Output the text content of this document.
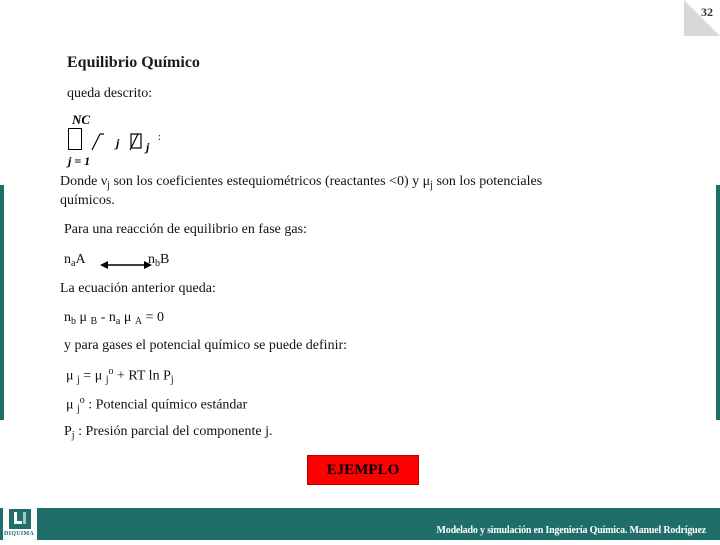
32
Equilibrio Químico
queda descrito:
NC
j j
:
j = 1
Donde $\nu_j$ son los coeficientes estequiométricos (reactantes <0) y $\mu_j$ son los potenciales
químicos.
Para una reacción de equilibrio en fase gas:
$n_aA$	$n_bB$
La ecuación anterior queda:
$n_b$ μ $_B - n_a$ μ $_A$ = 0
y para gases el potencial químico se puede definir:
μ $_j$ = μ $_j^o$ + RT $\ln P_j$
μ $_j^o$ : Potencial químico estándar
$P_j$ : Presión parcial del componente j.
EJEMPLO
DIQUIMA	Modelado y simulación en Ingeniería Química. Manuel Rodríguez
